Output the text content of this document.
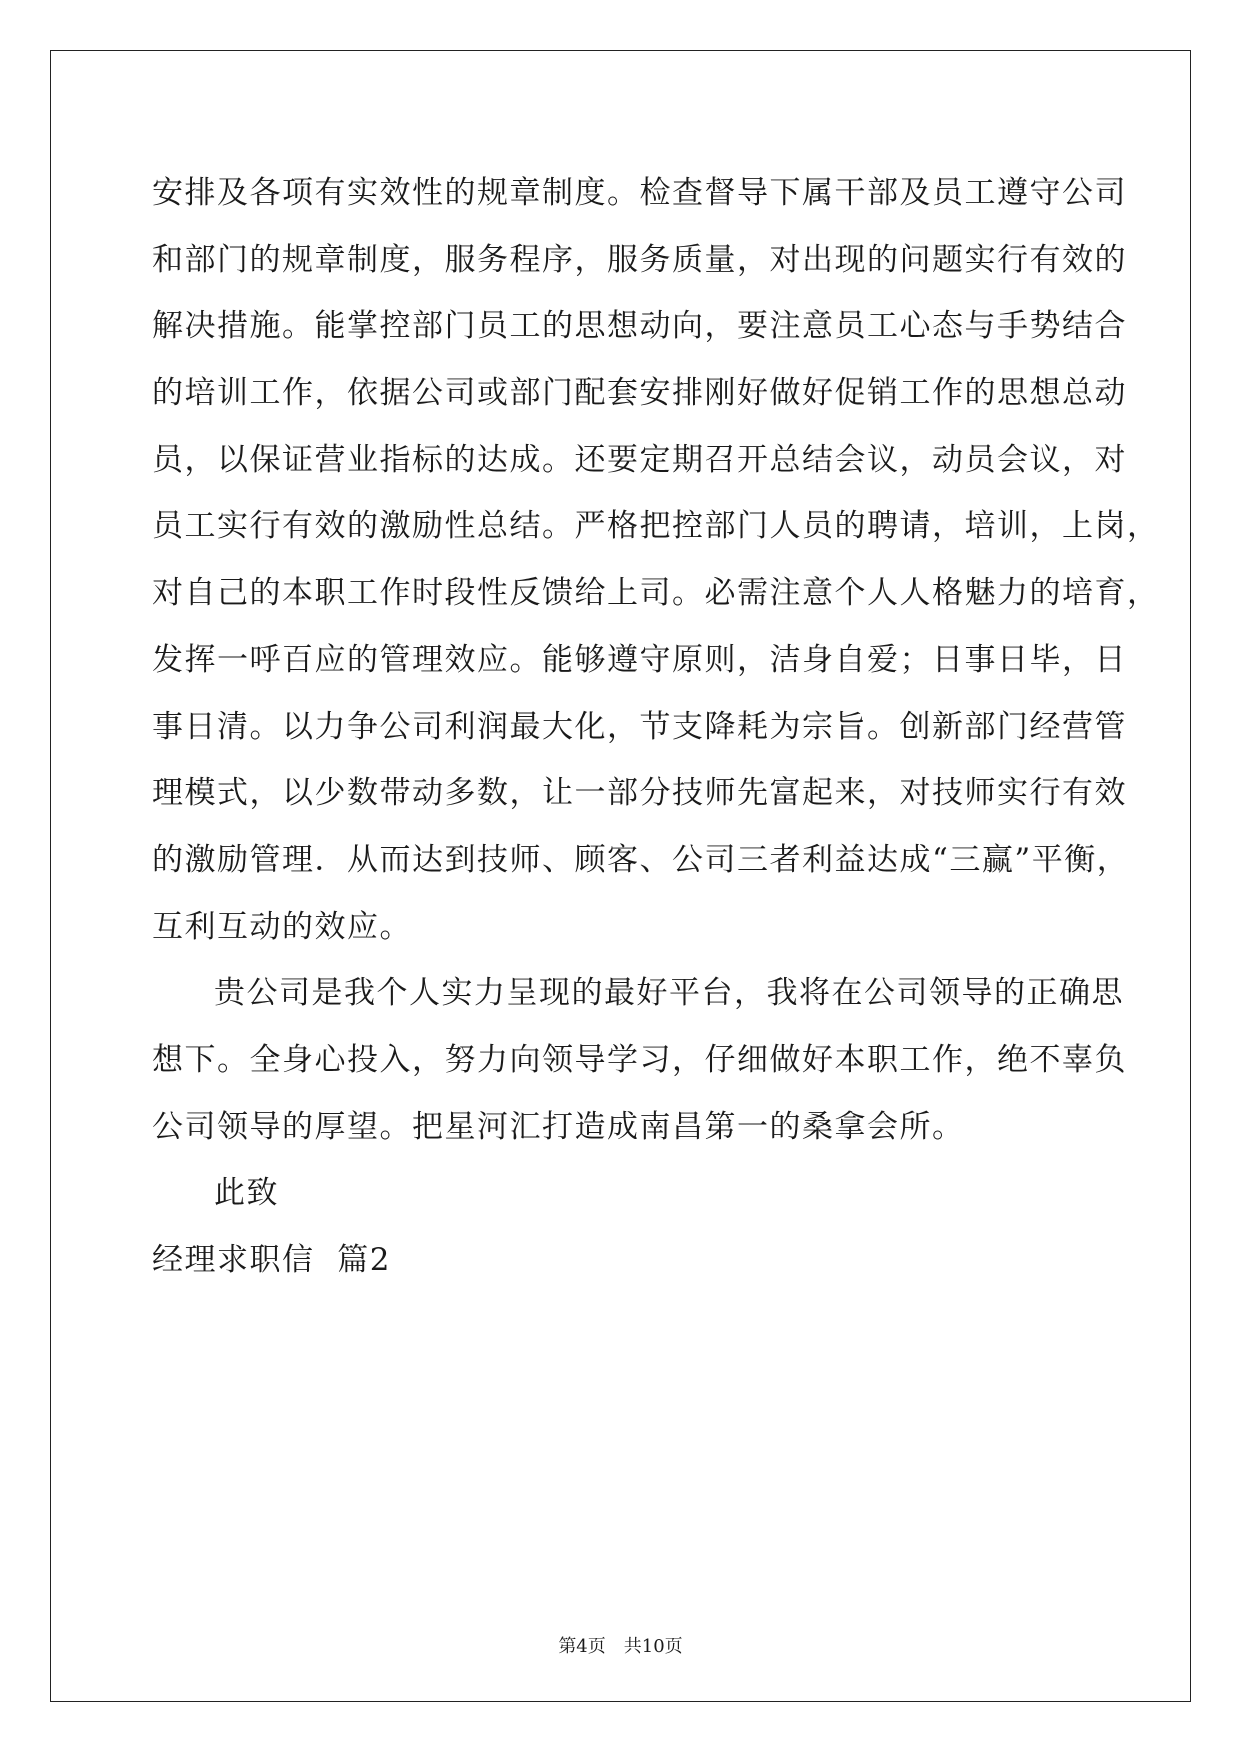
安排及各项有实效性的规章制度。检查督导下属干部及员工遵守公司
和部门的规章制度，服务程序，服务质量，对出现的问题实行有效的
解决措施。能掌控部门员工的思想动向，要注意员工心态与手势结合
的培训工作，依据公司或部门配套安排刚好做好促销工作的思想总动
员，以保证营业指标的达成。还要定期召开总结会议，动员会议，对
员工实行有效的激励性总结。严格把控部门人员的聘请，培训，上岗，
对自己的本职工作时段性反馈给上司。必需注意个人人格魅力的培育，
发挥一呼百应的管理效应。能够遵守原则，洁身自爱；日事日毕，日
事日清。以力争公司利润最大化，节支降耗为宗旨。创新部门经营管
理模式，以少数带动多数，让一部分技师先富起来，对技师实行有效
的激励管理．从而达到技师、顾客、公司三者利益达成“三赢”平衡，
互利互动的效应。
贵公司是我个人实力呈现的最好平台，我将在公司领导的正确思
想下。全身心投入，努力向领导学习，仔细做好本职工作，绝不辜负
公司领导的厚望。把星河汇打造成南昌第一的桑拿会所。
此致
经理求职信  篇2
第4页 共10页
